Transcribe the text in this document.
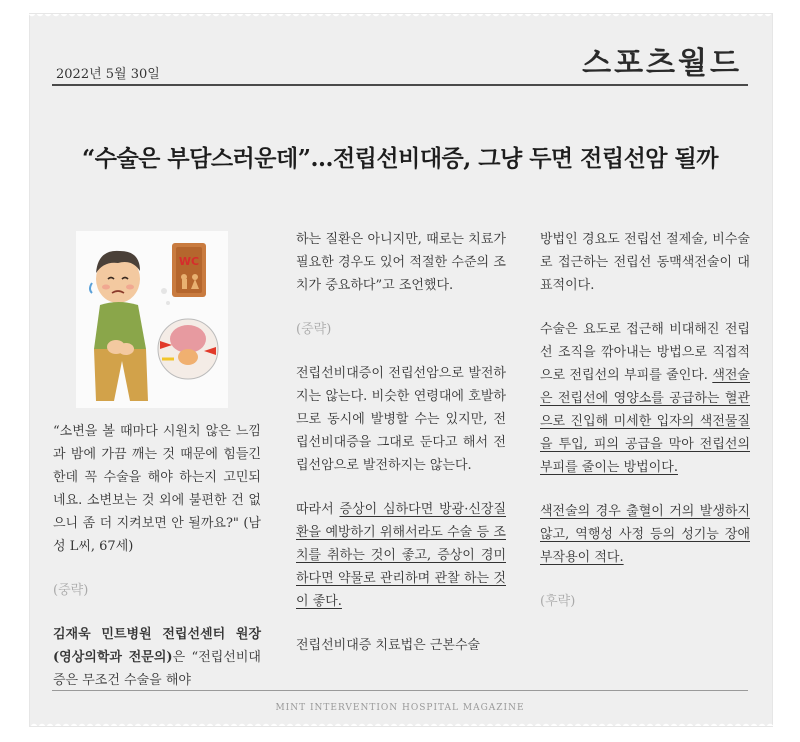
2022년 5월 30일	스포츠월드
“수술은 부담스러운데”…전립선비대증, 그냥 두면 전립선암 될까
WC

“소변을 볼 때마다 시원치 않은 느낌과 밤에 가끔 깨는 것 때문에 힘들긴 한데 꼭 수술을 해야 하는지 고민되네요. 소변보는 것 외에 불편한 건 없으니 좀 더 지켜보면 안 될까요?" (남성 L씨, 67세)

(중략)

김재욱 민트병원 전립선센터 원장(영상의학과 전문의)은 “전립선비대증은 무조건 수술을 해야

하는 질환은 아니지만, 때로는 치료가 필요한 경우도 있어 적절한 수준의 조치가 중요하다”고 조언했다.

(중략)

전립선비대증이 전립선암으로 발전하지는 않는다. 비슷한 연령대에 호발하므로 동시에 발병할 수는 있지만, 전립선비대증을 그대로 둔다고 해서 전립선암으로 발전하지는 않는다.

따라서 증상이 심하다면 방광·신장질환을 예방하기 위해서라도 수술 등 조치를 취하는 것이 좋고, 증상이 경미하다면 약물로 관리하며 관찰 하는 것이 좋다.

전립선비대증 치료법은 근본수술

방법인 경요도 전립선 절제술, 비수술로 접근하는 전립선 동맥색전술이 대표적이다.

수술은 요도로 접근해 비대해진 전립선 조직을 깎아내는 방법으로 직접적으로 전립선의 부피를 줄인다. 색전술은 전립선에 영양소를 공급하는 혈관으로 진입해 미세한 입자의 색전물질을 투입, 피의 공급을 막아 전립선의 부피를 줄이는 방법이다.

색전술의 경우 출혈이 거의 발생하지 않고, 역행성 사정 등의 성기능 장애 부작용이 적다.

(후략)

MINT INTERVENTION HOSPITAL MAGAZINE
